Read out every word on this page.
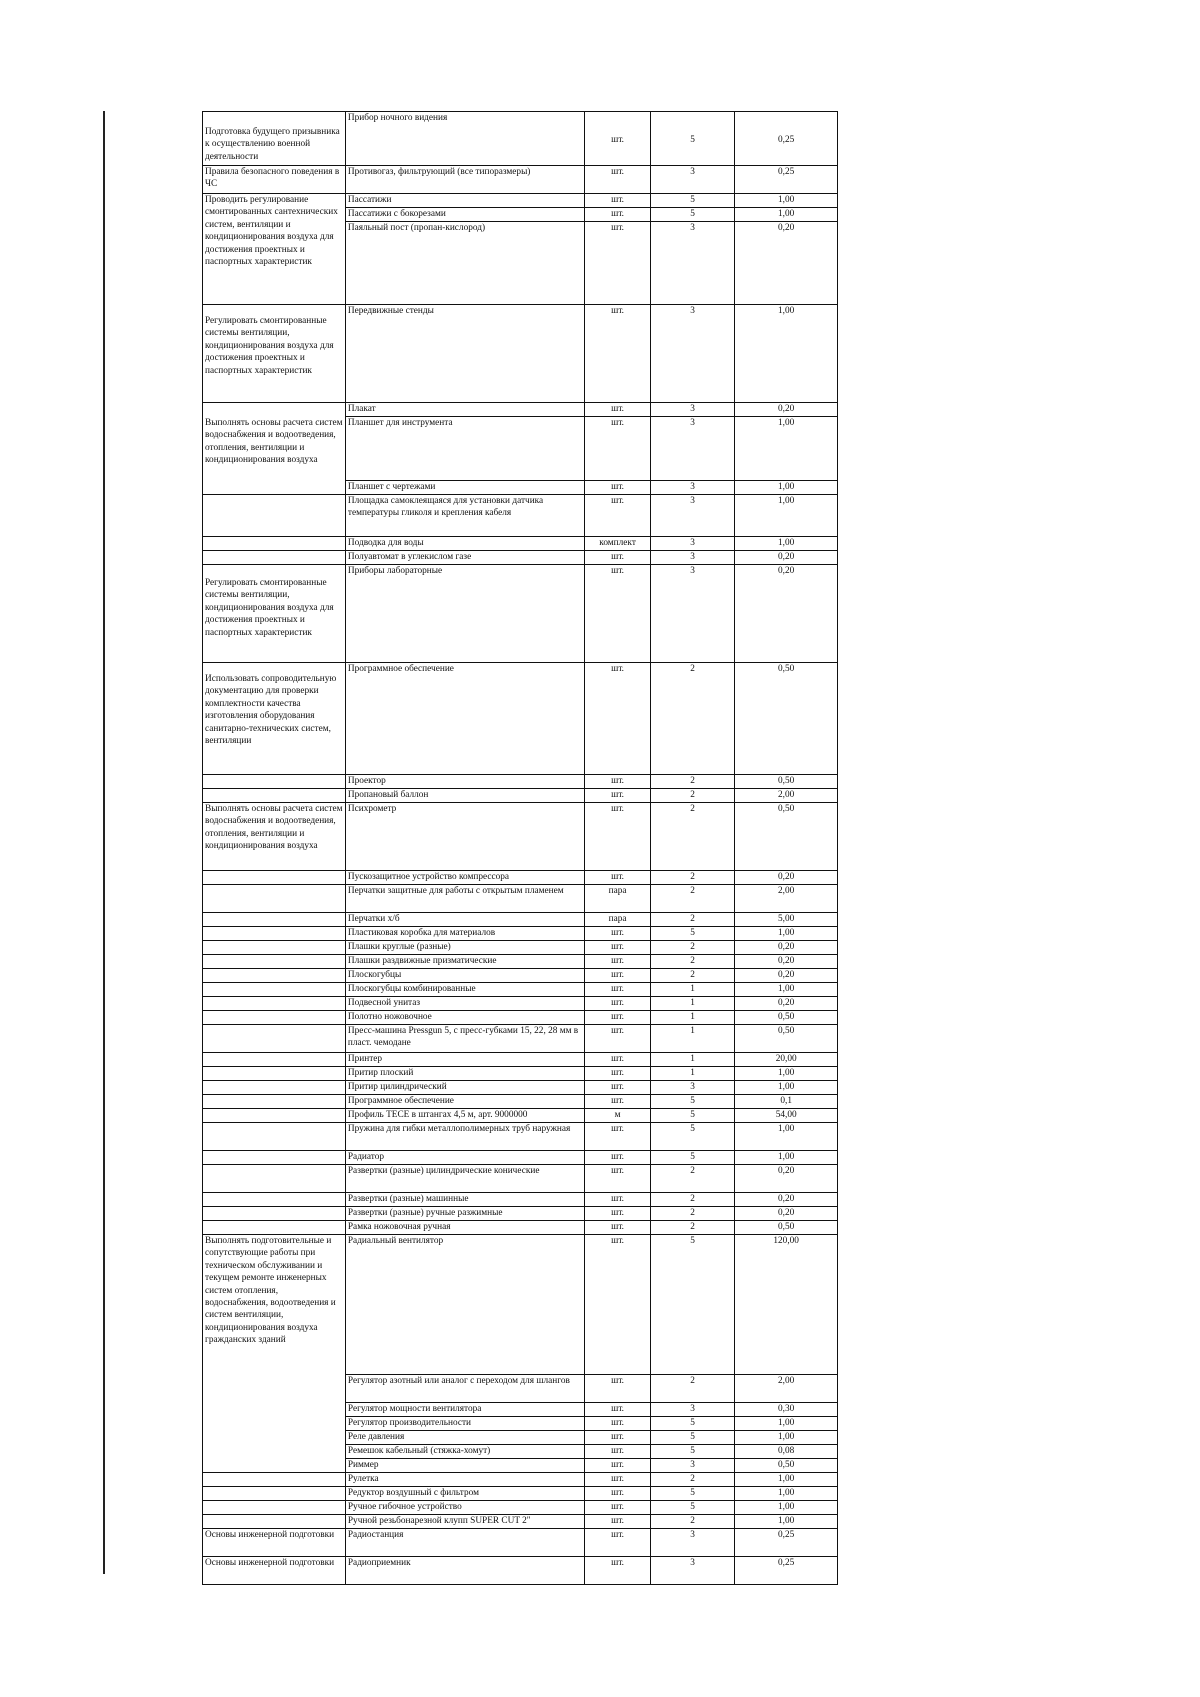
Подготовка будущего призывника к осуществлению военной деятельности	Прибор ночного видения	шт.	5	0,25

Правила безопасного поведения в ЧС	Противогаз, фильтрующий (все типоразмеры)	шт.	3	0,25

Проводить регулирование смонтированных сантехнических систем, вентиляции и кондиционирования воздуха для достижения проектных и паспортных характеристик	Пассатижи	шт.	5	1,00
	Пассатижи с бокорезами	шт.	5	1,00
	Паяльный пост (пропан-кислород)	шт.	3	0,20

Регулировать смонтированные системы вентиляции, кондиционирования воздуха для достижения проектных и паспортных характеристик	Передвижные стенды	шт.	3	1,00

Выполнять основы расчета систем водоснабжения и водоотведения, отопления, вентиляции и кондиционирования воздуха	Плакат	шт.	3	0,20
	Планшет для инструмента	шт.	3	1,00
	Планшет с чертежами	шт.	3	1,00

	Площадка самоклеящаяся для установки датчика температуры гликоля и крепления кабеля	шт.	3	1,00

	Подводка для воды	комплект	3	1,00

	Полуавтомат в углекислом газе	шт.	3	0,20

Регулировать смонтированные системы вентиляции, кондиционирования воздуха для достижения проектных и паспортных характеристик	Приборы лабораторные	шт.	3	0,20

Использовать сопроводительную документацию для проверки комплектности качества изготовления оборудования санитарно-технических систем, вентиляции	Программное обеспечение	шт.	2	0,50

	Проектор	шт.	2	0,50

	Пропановый баллон	шт.	2	2,00

Выполнять основы расчета систем водоснабжения и водоотведения, отопления, вентиляции и кондиционирования воздуха	Психрометр	шт.	2	0,50

	Пускозащитное устройство компрессора	шт.	2	0,20

	Перчатки защитные для работы с открытым пламенем	пара	2	2,00

	Перчатки х/б	пара	2	5,00

	Пластиковая коробка для материалов	шт.	5	1,00

	Плашки круглые (разные)	шт.	2	0,20

	Плашки раздвижные призматические	шт.	2	0,20

	Плоскогубцы	шт.	2	0,20

	Плоскогубцы комбинированные	шт.	1	1,00

	Подвесной унитаз	шт.	1	0,20

	Полотно ножовочное	шт.	1	0,50

	Пресс-машина Pressgun 5, с пресс-губками 15, 22, 28 мм в пласт. чемодане	шт.	1	0,50

	Принтер	шт.	1	20,00

	Притир плоский	шт.	1	1,00

	Притир цилиндрический	шт.	3	1,00

	Программное обеспечение	шт.	5	0,1

	Профиль TECE в штангах 4,5 м, арт. 9000000	м	5	54,00

	Пружина для гибки металлополимерных труб наружная	шт.	5	1,00

	Радиатор	шт.	5	1,00

	Развертки (разные) цилиндрические конические	шт.	2	0,20

	Развертки (разные) машинные	шт.	2	0,20

	Развертки (разные) ручные разжимные	шт.	2	0,20

	Рамка ножовочная ручная	шт.	2	0,50

Выполнять подготовительные и сопутствующие работы при техническом обслуживании и текущем ремонте инженерных систем отопления, водоснабжения, водоотведения и систем вентиляции, кондиционирования воздуха гражданских зданий	Радиальный вентилятор	шт.	5	120,00
	Регулятор азотный или аналог с переходом для шлангов	шт.	2	2,00
	Регулятор мощности вентилятора	шт.	3	0,30
	Регулятор производительности	шт.	5	1,00
	Реле давления	шт.	5	1,00
	Ремешок кабельный (стяжка-хомут)	шт.	5	0,08
	Риммер	шт.	3	0,50

	Рулетка	шт.	2	1,00

	Редуктор воздушный с фильтром	шт.	5	1,00

	Ручное гибочное устройство	шт.	5	1,00

	Ручной резьбонарезной клупп SUPER CUT 2"	шт.	2	1,00

Основы инженерной подготовки	Радиостанция	шт.	3	0,25

Основы инженерной подготовки	Радиоприемник	шт.	3	0,25
